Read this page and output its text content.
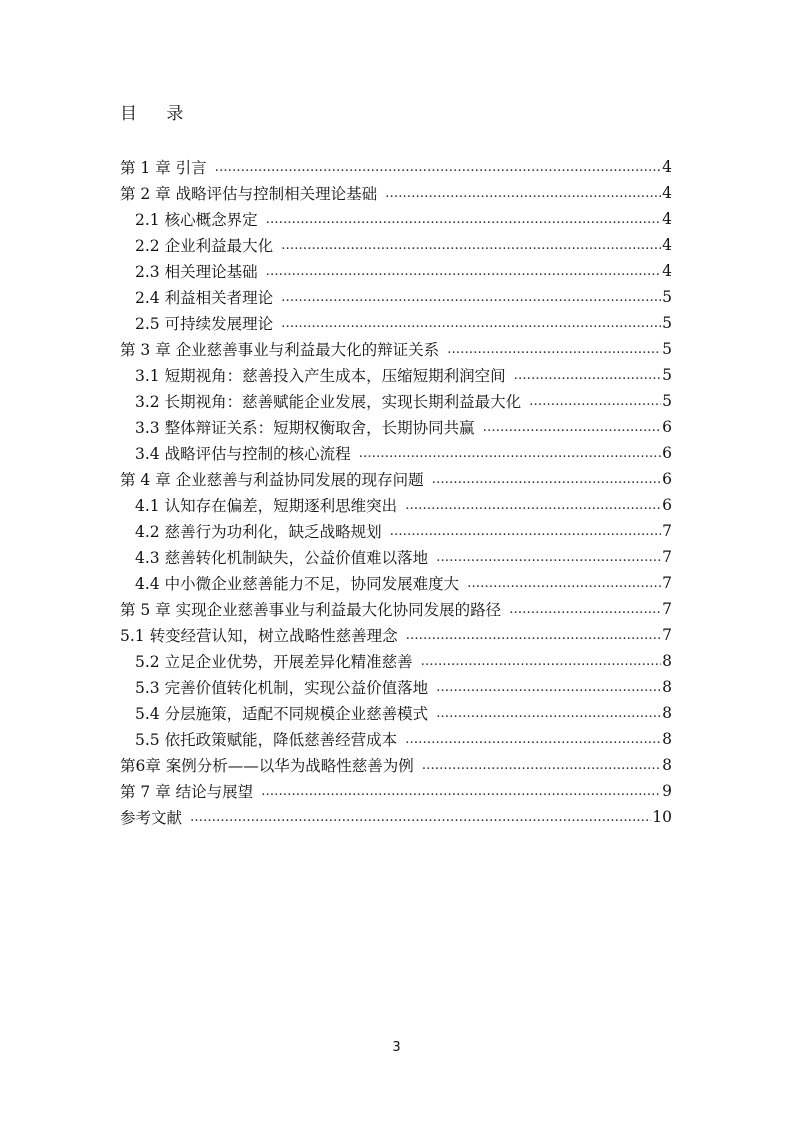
目 录
第 1 章 引言 ……………………………………………………………………………………………………………………………………………………	4
第 2 章 战略评估与控制相关理论基础 ……………………………………………………………………………………………………………………………………………………	4
2.1 核心概念界定 ……………………………………………………………………………………………………………………………………………………	4
2.2 企业利益最大化 ……………………………………………………………………………………………………………………………………………………	4
2.3 相关理论基础 ……………………………………………………………………………………………………………………………………………………	4
2.4 利益相关者理论 ……………………………………………………………………………………………………………………………………………………	5
2.5 可持续发展理论 ……………………………………………………………………………………………………………………………………………………	5
第 3 章 企业慈善事业与利益最大化的辩证关系 ……………………………………………………………………………………………………………………………………………………	5
3.1 短期视角：慈善投入产生成本，压缩短期利润空间 ……………………………………………………………………………………………………………………………………………………	5
3.2 长期视角：慈善赋能企业发展，实现长期利益最大化 ……………………………………………………………………………………………………………………………………………………	5
3.3 整体辩证关系：短期权衡取舍，长期协同共赢 ……………………………………………………………………………………………………………………………………………………	6
3.4 战略评估与控制的核心流程 ……………………………………………………………………………………………………………………………………………………	6
第 4 章 企业慈善与利益协同发展的现存问题 ……………………………………………………………………………………………………………………………………………………	6
4.1 认知存在偏差，短期逐利思维突出 ……………………………………………………………………………………………………………………………………………………	6
4.2 慈善行为功利化，缺乏战略规划 ……………………………………………………………………………………………………………………………………………………	7
4.3 慈善转化机制缺失，公益价值难以落地 ……………………………………………………………………………………………………………………………………………………	7
4.4 中小微企业慈善能力不足，协同发展难度大 ……………………………………………………………………………………………………………………………………………………	7
第 5 章 实现企业慈善事业与利益最大化协同发展的路径 ……………………………………………………………………………………………………………………………………………………	7
5.1 转变经营认知，树立战略性慈善理念 ……………………………………………………………………………………………………………………………………………………	7
5.2 立足企业优势，开展差异化精准慈善 ……………………………………………………………………………………………………………………………………………………	8
5.3 完善价值转化机制，实现公益价值落地 ……………………………………………………………………………………………………………………………………………………	8
5.4 分层施策，适配不同规模企业慈善模式 ……………………………………………………………………………………………………………………………………………………	8
5.5 依托政策赋能，降低慈善经营成本 ……………………………………………………………………………………………………………………………………………………	8
第6章 案例分析——以华为战略性慈善为例 ……………………………………………………………………………………………………………………………………………………	8
第 7 章 结论与展望 ……………………………………………………………………………………………………………………………………………………	9
参考文献 ……………………………………………………………………………………………………………………………………………………	10
3
